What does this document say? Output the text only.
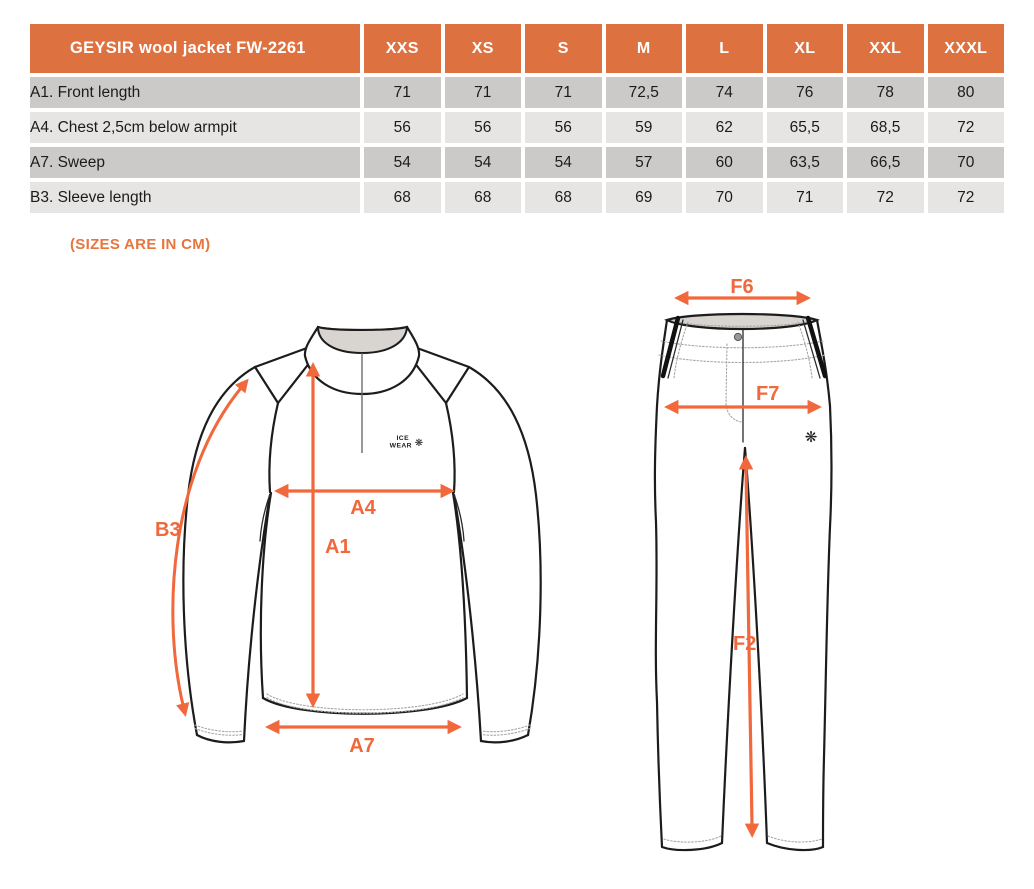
GEYSIR wool jacket FW-2261	XXS	XS	S	M	L	XL	XXL	XXXL
A1. Front length	71	71	71	72,5	74	76	78	80
A4. Chest 2,5cm below armpit	56	56	56	59	62	65,5	68,5	72
A7. Sweep	54	54	54	57	60	63,5	66,5	70
B3. Sleeve length	68	68	68	69	70	71	72	72
(SIZES ARE IN CM)
ICE
WEAR ❋
B3
A4
A1
A7
❋
F6
F7
F2
